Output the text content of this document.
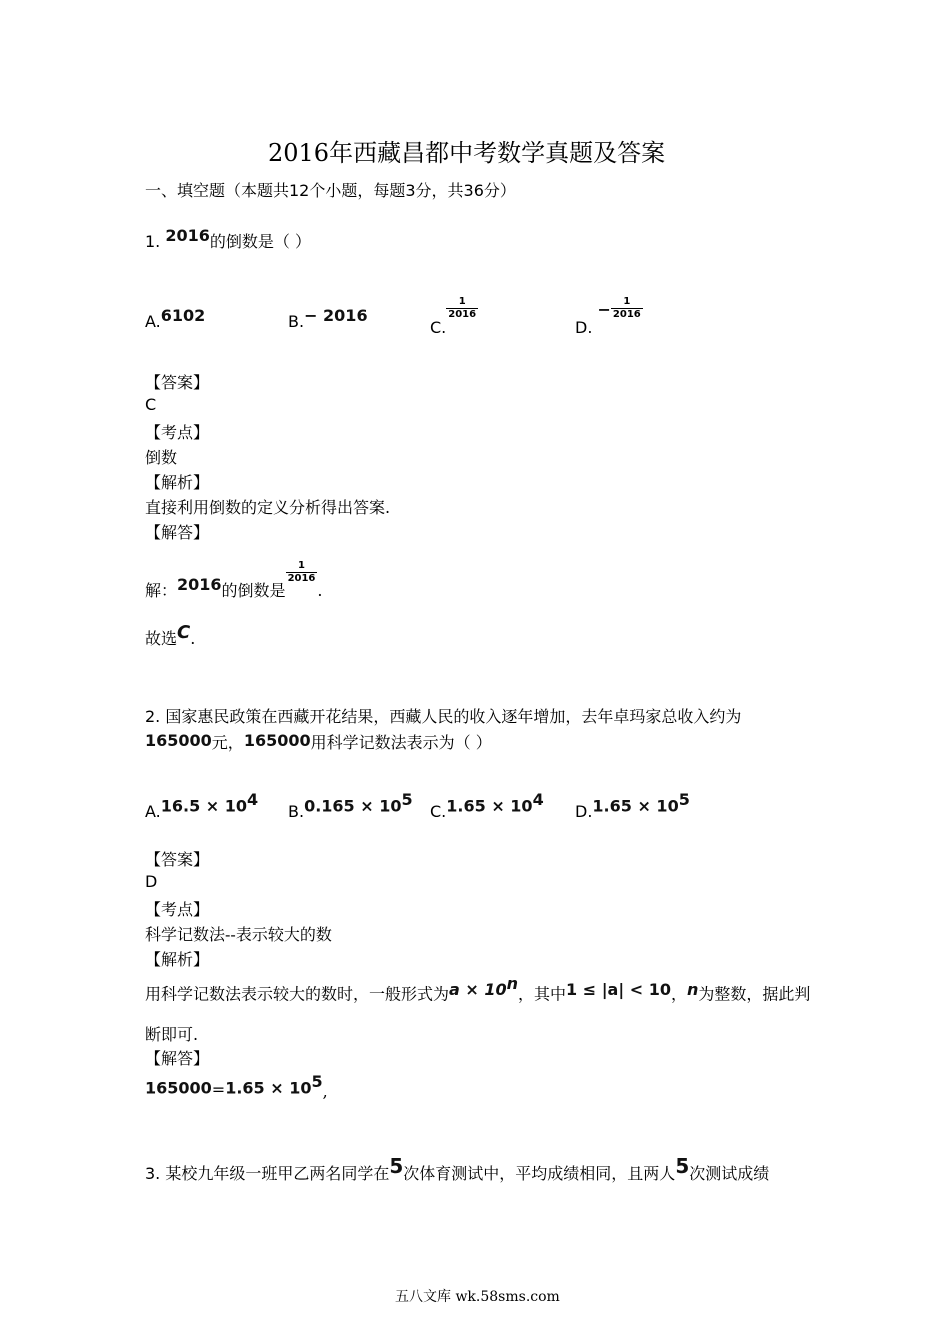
2016年西藏昌都中考数学真题及答案
一、填空题（本题共12个小题，每题3分，共36分）
1. 2016的倒数是（ ）
A.6102	B.− 2016
C.
$\frac{1}{2016}$
D. − $\frac{1}{2016}$
【答案】
C
【考点】
倒数
【解析】
直接利用倒数的定义分析得出答案.
【解答】
解：2016的倒数是
$\frac{1}{2016}$
.
故选C.
2. 国家惠民政策在西藏开花结果，西藏人民的收入逐年增加，去年卓玛家总收入约为
165000元，165000用科学记数法表示为（ ）
$A.16.5 \times 10^4$
$B.0.165 \times 10^5$
$C.1.65 \times 10^4$
$D.1.65 \times 10^5$
【答案】
D
【考点】
科学记数法--表示较大的数
【解析】
用科学记数法表示较大的数时，一般形式为$a \times 10^n$，其中1 ≤ |a| < 10，n为整数，据此判
断即可.
【解答】
$165000=1.65 \times 10^5$,
3. 某校九年级一班甲乙两名同学在5次体育测试中，平均成绩相同，且两人5次测试成绩
五八文库 wk.58sms.com
